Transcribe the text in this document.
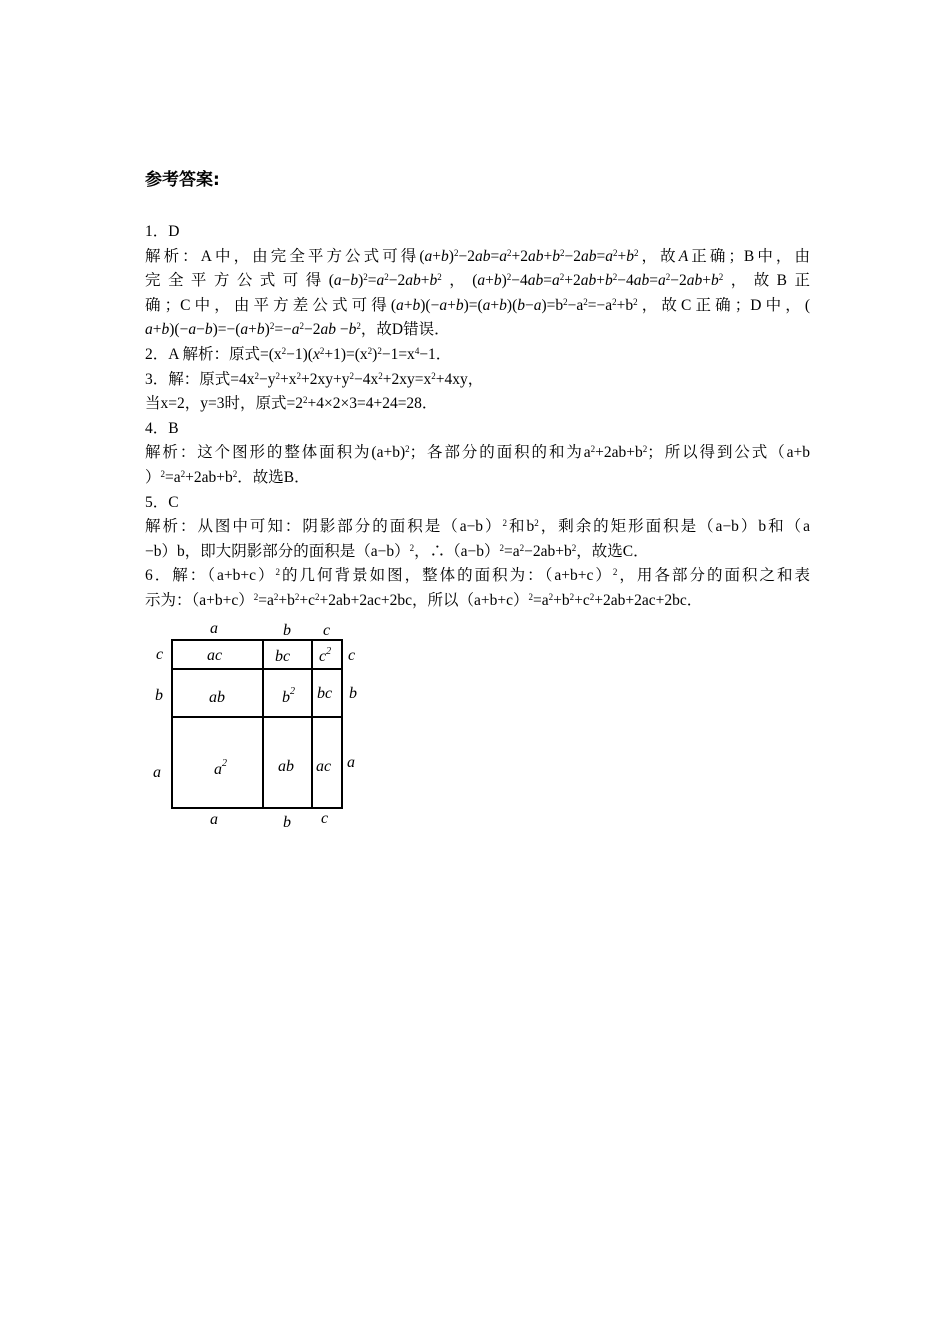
参考答案:
1．D
解析：A中，由完全平方公式可得$(a+b)^2-2ab=a^2+2ab+b^2-2ab=a^2+b^2$，故A正确；B中，由
完全平方公式可得$(a-b)^2=a^2-2ab+b^2$，$(a+b)^2-4ab=a^2+2ab+b^2-4ab=a^2-2ab+b^2$，故B正
确；C中，由平方差公式可得$(a+b)(-a+b)=(a+b)(b-a)=b^2-a^2=-a^2+b^2$，故C正确；D中，(
$a+b)(-a-b)=-(a+b)^2=-a^2-2ab -b^2$，故D错误．
2．A 解析：原式$=(x^2-1)(x^2+1)=(x^2)^2-1=x^4-1$．
3．解：原式$=4x^2-y^2+x^2+2xy+y^2-4x^2+2xy=x^2+4xy$，
当x=2，y=3时，原式$=2^2+4\times 2\times 3=4+24=28$．
4．B
解析：这个图形的整体面积为$(a+b)^2$；各部分的面积的和为$a^2+2ab+b^2$；所以得到公式（a+b
）$^2=a^2+2ab+b^2$．故选B．
5．C
解析：从图中可知：阴影部分的面积是$(a-b)^2$和$b^2$，剩余的矩形面积是（a−b）b和（a
−b）b，即大阴影部分的面积是$(a-b)^2$，$\therefore(a-b)^2=a^2-2ab+b^2$，故选C．
6．解：$(a+b+c)^2$的几何背景如图，整体的面积为：$(a+b+c)^2$，用各部分的面积之和表
示为：$(a+b+c)^2=a^2+b^2+c^2+2ab+2ac+2bc$，所以$(a+b+c)^2=a^2+b^2+c^2+2ab+2ac+2bc$．
a	b c
c
b
a
c
b
a
a	b c
ac	bc $c^2$
ab	$b^2$ bc
$a^2$	ab ac
